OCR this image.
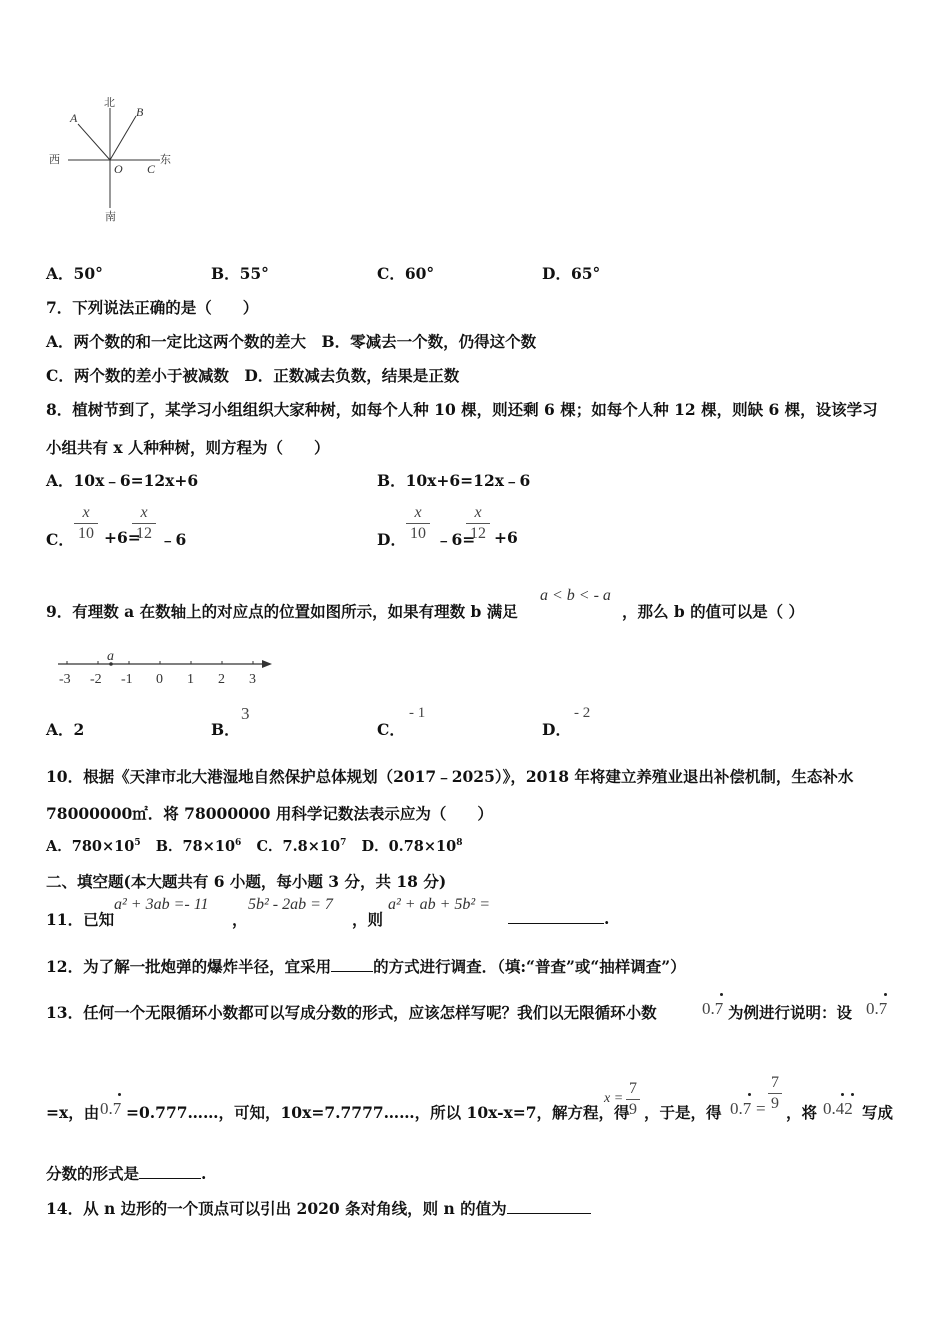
北
南
西	东
A	B
O C
A．50°	B．55°	C．60°	D．65°
7．下列说法正确的是（　　）
A．两个数的和一定比这两个数的差大　B．零减去一个数，仍得这个数
C．两个数的差小于被减数　D．正数减去负数，结果是正数
8．植树节到了，某学习小组组织大家种树，如每个人种 10 棵，则还剩 6 棵；如每个人种 12 棵，则缺 6 棵，设该学习
小组共有 x 人种种树，则方程为（　　）
A．10x﹣6=12x+6	B．10x+6=12x﹣6
C．
x
10 +6=
x
12 ﹣6	D．
x
10 ﹣6=
x
12 +6
9．有理数 a 在数轴上的对应点的位置如图所示，如果有理数 b 满足
a < b < - a
，那么 b 的值可以是（ ）
-3 -2 -1 0 1 2 3
a
A．2	B．
3
C．
- 1
D．
- 2
10．根据《天津市北大港湿地自然保护总体规划（2017﹣2025）》，2018 年将建立养殖业退出补偿机制，生态补水
78000000㎡．将 78000000 用科学记数法表示应为（　　）
A．$780\times 10^5$ B．$78\times 10^6$ C．$7.8\times 10^7$ D．$0.78\times 10^8$
二、填空题(本大题共有 6 小题，每小题 3 分，共 18 分)
11．已知
a² + 3ab =- 11
，
5b² - 2ab = 7
，则
a² + ab + 5b² =
.
12．为了解一批炮弹的爆炸半径，宜采用	的方式进行调查．（填:“普查”或“抽样调查”）
13．任何一个无限循环小数都可以写成分数的形式，应该怎样写呢？我们以无限循环小数	0.7 为例进行说明：设 0.7
=x，由 0.7 =0.777……，可知，10x=7.7777……，所以 10x-x=7，解方程，得
x =
7
9 ，于是，得 0.7 =
7
9 ，将 0.42 写成
分数的形式是	.
14．从 n 边形的一个顶点可以引出 2020 条对角线，则 n 的值为
